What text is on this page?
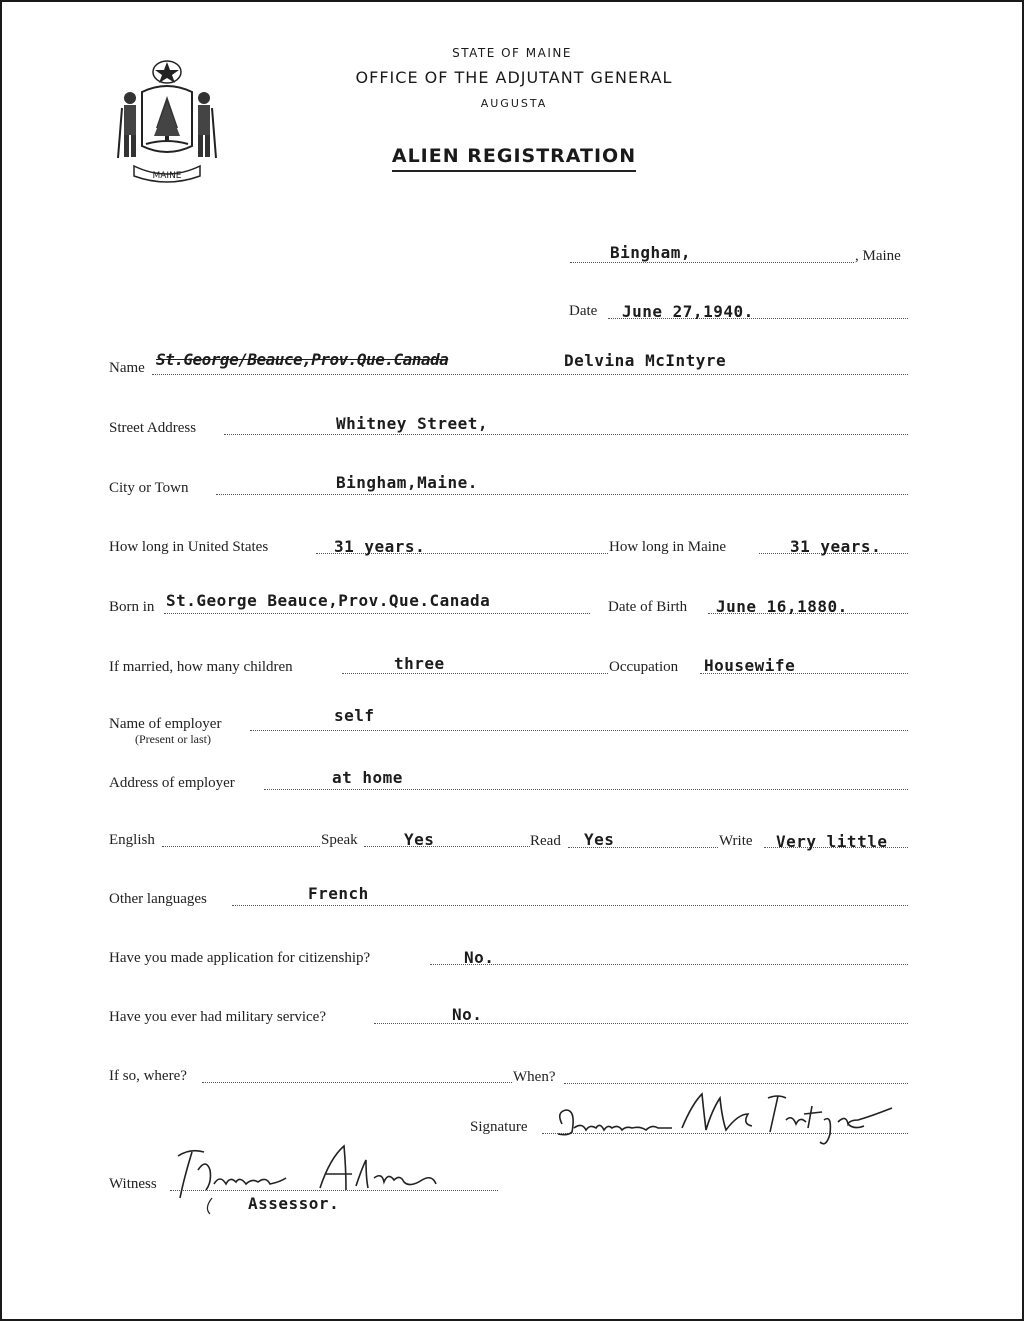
MAINE
STATE OF MAINE
OFFICE OF THE ADJUTANT GENERAL
AUGUSTA
ALIEN REGISTRATION
Bingham,	, Maine
Date June 27,1940.
Name St.George/Beauce,Prov.Que.Canada	Delvina McIntyre
Street Address	Whitney Street,
City or Town	Bingham,Maine.
How long in United States	31 years.	How long in Maine	31 years.
Born in St.George Beauce,Prov.Que.Canada	Date of Birth June 16,1880.
If married, how many children	three	Occupation Housewife
Name of employer
(Present or last)
self
Address of employer	at home
English	Speak	Yes	Read Yes	Write Very little
Other languages	French
Have you made application for citizenship?	No.
Have you ever had military service?	No.
If so, where?	When?
Signature
Witness
Assessor.
